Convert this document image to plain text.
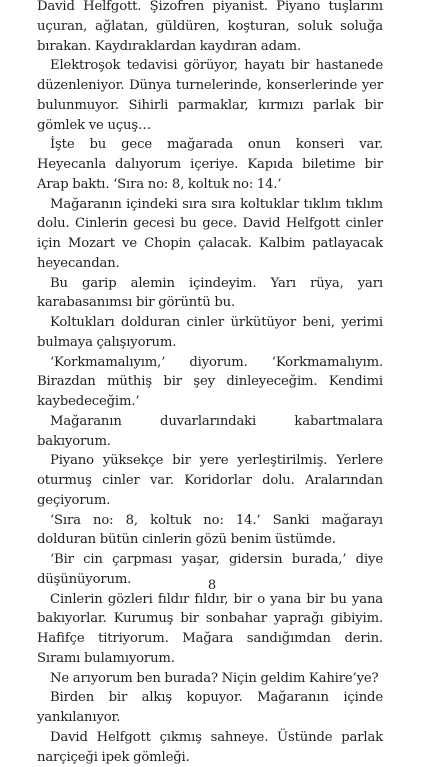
David Helfgott. Şizofren piyanist. Piyano tuşlarını uçuran, ağlatan, güldüren, koşturan, soluk soluğa bırakan. Kaydıraklardan kaydıran adam.

Elektroşok tedavisi görüyor, hayatı bir hastanede düzenleniyor. Dünya turnelerinde, konserlerinde yer bulunmuyor. Sihirli parmaklar, kırmızı parlak bir gömlek ve uçuş…

İşte bu gece mağarada onun konseri var. Heyecanla dalıyorum içeriye. Kapıda biletime bir Arap baktı. ‘Sıra no: 8, koltuk no: 14.’

Mağaranın içindeki sıra sıra koltuklar tıklım tıklım dolu. Cinlerin gecesi bu gece. David Helfgott cinler için Mozart ve Chopin çalacak. Kalbim patlayacak heyecandan.

Bu garip alemin içindeyim. Yarı rüya, yarı karabasanımsı bir görüntü bu.

Koltukları dolduran cinler ürkütüyor beni, yerimi bulmaya çalışıyorum.

‘Korkmamalıyım,’ diyorum. ‘Korkmamalıyım. Birazdan müthiş bir şey dinleyeceğim. Kendimi kaybedeceğim.’

Mağaranın duvarlarındaki kabartmalara bakıyorum.

Piyano yüksekçe bir yere yerleştirilmiş. Yerlere oturmuş cinler var. Koridorlar dolu. Aralarından geçiyorum.

‘Sıra no: 8, koltuk no: 14.’ Sanki mağarayı dolduran bütün cinlerin gözü benim üstümde.

‘Bir cin çarpması yaşar, gidersin burada,’ diye düşünüyorum.

Cinlerin gözleri fıldır fıldır, bir o yana bir bu yana bakıyorlar. Kurumuş bir sonbahar yaprağı gibiyim. Hafifçe titriyorum. Mağara sandığımdan derin. Sıramı bulamıyorum.

Ne arıyorum ben burada? Niçin geldim Kahire’ye?

Birden bir alkış kopuyor. Mağaranın içinde yankılanıyor.

David Helfgott çıkmış sahneye. Üstünde parlak narçiçeği ipek gömleği.

8
